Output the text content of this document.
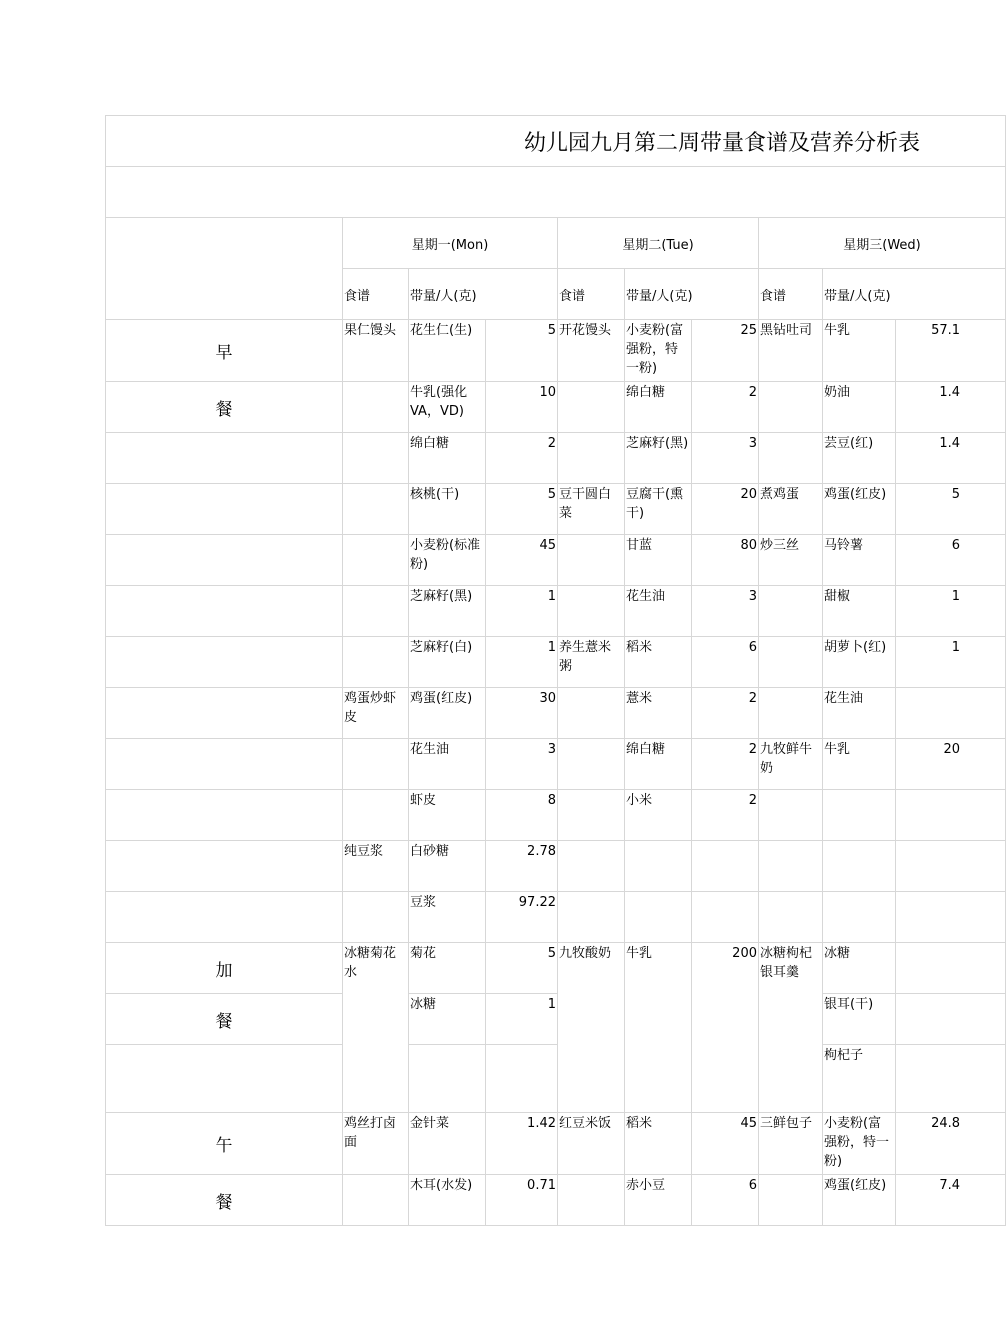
幼儿园九月第二周带量食谱及营养分析表									

	星期一(Mon)			星期二(Tue)			星期三(Wed)		
	食谱	带量/人(克)		食谱	带量/人(克)		食谱	带量/人(克)	
早	果仁馒头	花生仁(生)	5	开花馒头	小麦粉(富强粉，特一粉)	25	黑钻吐司	牛乳	57.1
餐		牛乳(强化VA，VD)	10		绵白糖	2		奶油	1.4
		绵白糖	2		芝麻籽(黑)	3		芸豆(红)	1.4
		核桃(干)	5	豆干圆白菜	豆腐干(熏干)	20	煮鸡蛋	鸡蛋(红皮)	5
		小麦粉(标准粉)	45		甘蓝	80	炒三丝	马铃薯	6
		芝麻籽(黑)	1		花生油	3		甜椒	1
		芝麻籽(白)	1	养生薏米粥	稻米	6		胡萝卜(红)	1
	鸡蛋炒虾皮	鸡蛋(红皮)	30		薏米	2		花生油	
		花生油	3		绵白糖	2	九牧鲜牛奶	牛乳	20
		虾皮	8		小米	2			
	纯豆浆	白砂糖	2.78						
		豆浆	97.22						
加	冰糖菊花水	菊花	5	九牧酸奶	牛乳	200	冰糖枸杞银耳羹	冰糖	
餐		冰糖	1					银耳(干)	
								枸杞子	
午	鸡丝打卤面	金针菜	1.42	红豆米饭	稻米	45	三鲜包子	小麦粉(富强粉，特一粉)	24.8
餐		木耳(水发)	0.71		赤小豆	6		鸡蛋(红皮)	7.4
